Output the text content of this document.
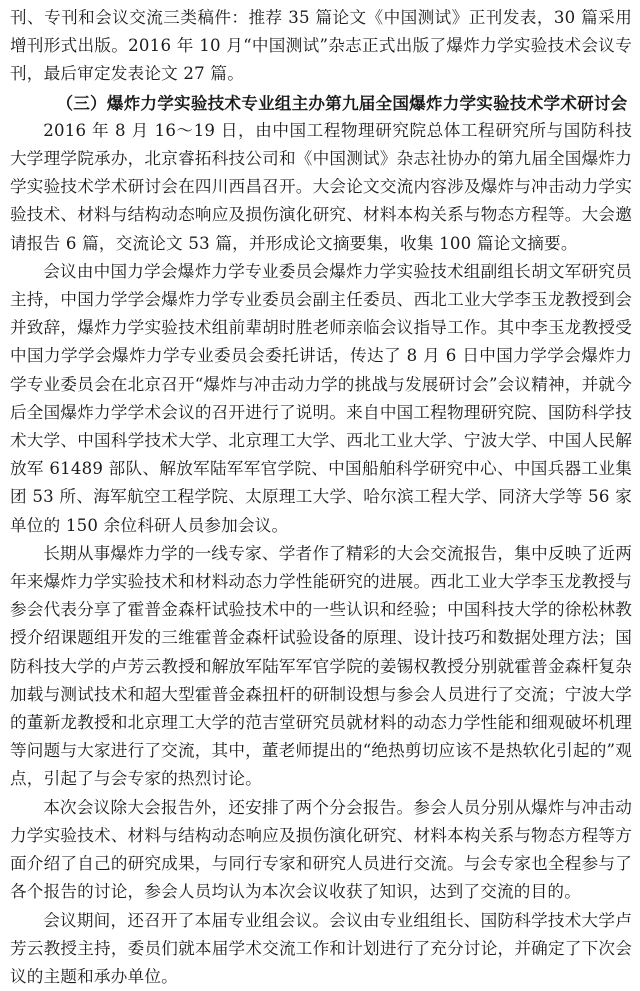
刊、专刊和会议交流三类稿件：推荐 35 篇论文《中国测试》正刊发表，30 篇采用增刊形式出版。2016 年 10 月“中国测试”杂志正式出版了爆炸力学实验技术会议专刊，最后审定发表论文 27 篇。

（三）爆炸力学实验技术专业组主办第九届全国爆炸力学实验技术学术研讨会

2016 年 8 月 16～19 日，由中国工程物理研究院总体工程研究所与国防科技大学理学院承办，北京睿拓科技公司和《中国测试》杂志社协办的第九届全国爆炸力学实验技术学术研讨会在四川西昌召开。大会论文交流内容涉及爆炸与冲击动力学实验技术、材料与结构动态响应及损伤演化研究、材料本构关系与物态方程等。大会邀请报告 6 篇，交流论文 53 篇，并形成论文摘要集，收集 100 篇论文摘要。

会议由中国力学会爆炸力学专业委员会爆炸力学实验技术组副组长胡文军研究员主持，中国力学学会爆炸力学专业委员会副主任委员、西北工业大学李玉龙教授到会并致辞，爆炸力学实验技术组前辈胡时胜老师亲临会议指导工作。其中李玉龙教授受中国力学学会爆炸力学专业委员会委托讲话，传达了 8 月 6 日中国力学学会爆炸力学专业委员会在北京召开“爆炸与冲击动力学的挑战与发展研讨会”会议精神，并就今后全国爆炸力学学术会议的召开进行了说明。来自中国工程物理研究院、国防科学技术大学、中国科学技术大学、北京理工大学、西北工业大学、宁波大学、中国人民解放军 61489 部队、解放军陆军军官学院、中国船舶科学研究中心、中国兵器工业集团 53 所、海军航空工程学院、太原理工大学、哈尔滨工程大学、同济大学等 56 家单位的 150 余位科研人员参加会议。

长期从事爆炸力学的一线专家、学者作了精彩的大会交流报告，集中反映了近两年来爆炸力学实验技术和材料动态力学性能研究的进展。西北工业大学李玉龙教授与参会代表分享了霍普金森杆试验技术中的一些认识和经验；中国科技大学的徐松林教授介绍课题组开发的三维霍普金森杆试验设备的原理、设计技巧和数据处理方法；国防科技大学的卢芳云教授和解放军陆军军官学院的姜锡权教授分别就霍普金森杆复杂加载与测试技术和超大型霍普金森扭杆的研制设想与参会人员进行了交流；宁波大学的董新龙教授和北京理工大学的范吉堂研究员就材料的动态力学性能和细观破坏机理等问题与大家进行了交流，其中，董老师提出的“绝热剪切应该不是热软化引起的”观点，引起了与会专家的热烈讨论。

本次会议除大会报告外，还安排了两个分会报告。参会人员分别从爆炸与冲击动力学实验技术、材料与结构动态响应及损伤演化研究、材料本构关系与物态方程等方面介绍了自己的研究成果，与同行专家和研究人员进行交流。与会专家也全程参与了各个报告的讨论，参会人员均认为本次会议收获了知识，达到了交流的目的。

会议期间，还召开了本届专业组会议。会议由专业组组长、国防科学技术大学卢芳云教授主持，委员们就本届学术交流工作和计划进行了充分讨论，并确定了下次会议的主题和承办单位。
